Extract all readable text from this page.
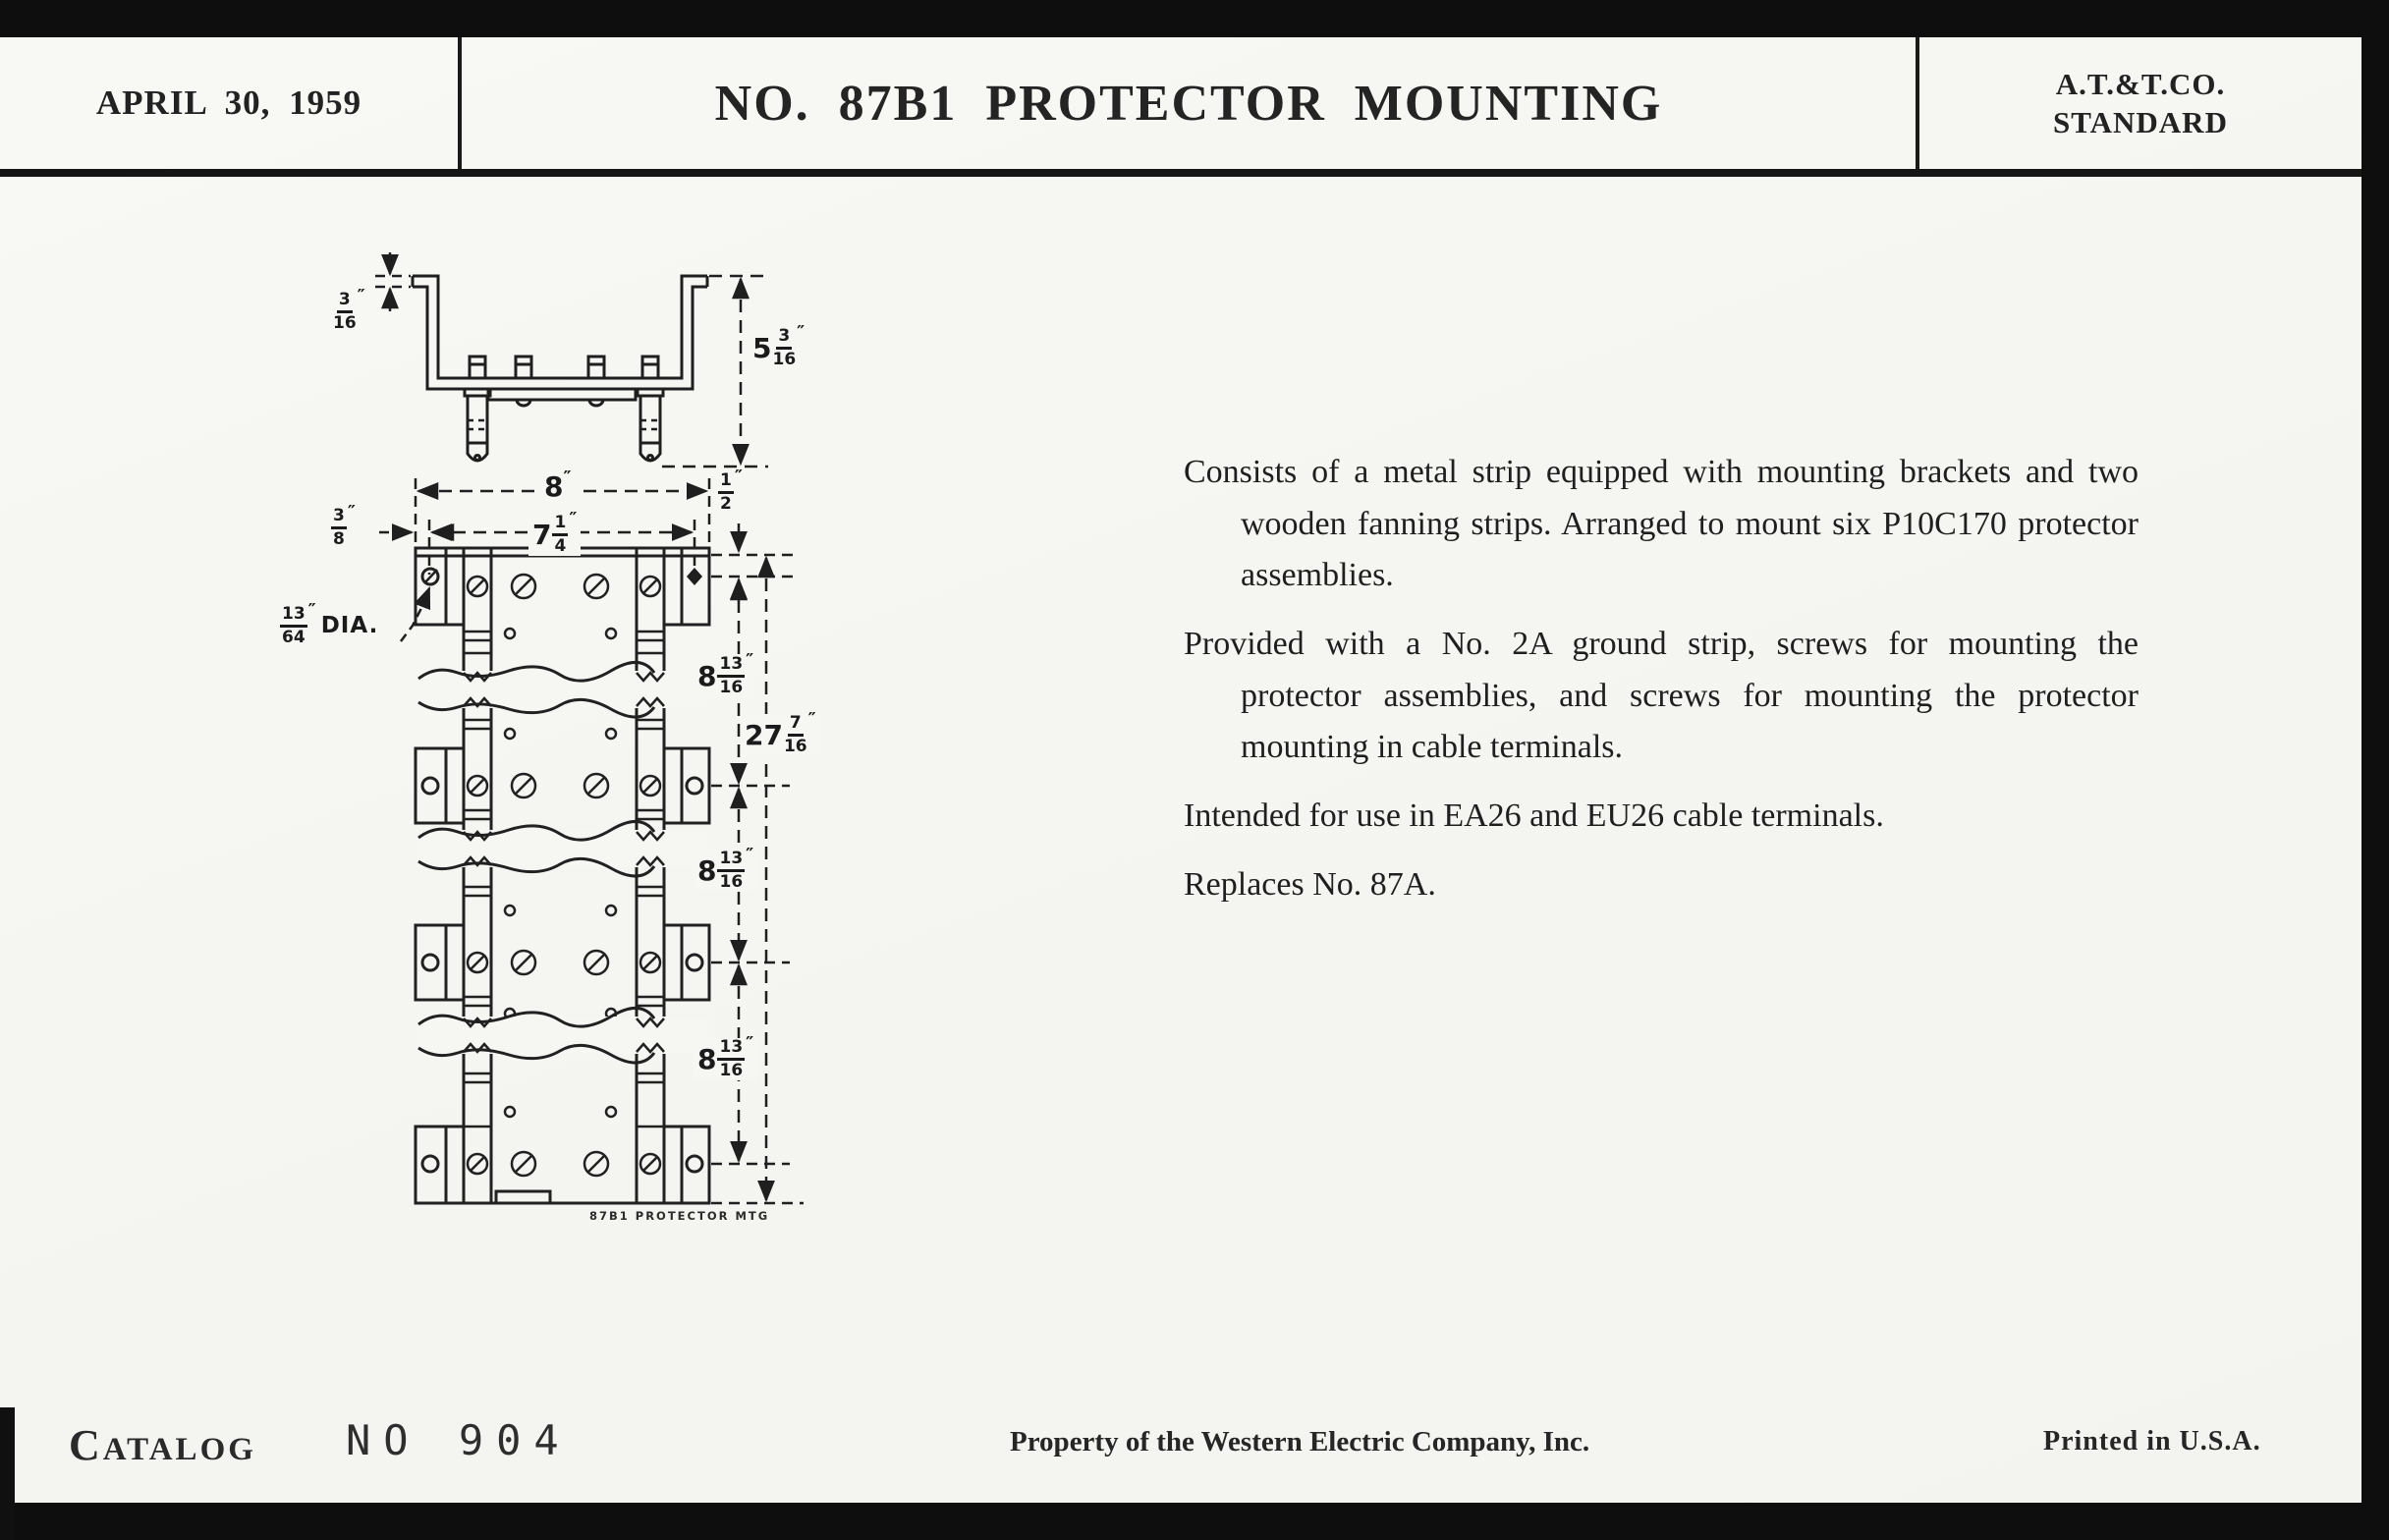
APRIL 30, 1959	NO. 87B1 PROTECTOR MOUNTING	A.T.&T.CO.
STANDARD
$\frac{3}{16}$ ″
$5 \frac{3}{16}$ ″
8 ″
$7 \frac{1}{4}$ ″
$\frac{3}{8}$ ″	$\frac{1}{2}$ ″
$\frac{13}{64}$ ″
DIA.
$8 \frac{13}{16}$ ″
$27 \frac{7}{16}$ ″
$8 \frac{13}{16}$ ″
$8 \frac{13}{16}$ ″
87B1 PROTECTOR MTG

Consists of a metal strip equipped with mounting brackets and two wooden fanning strips. Arranged to mount six P10C170 protector assemblies.

Provided with a No. 2A ground strip, screws for mounting the protector assemblies, and screws for mounting the protector mounting in cable terminals.

Intended for use in EA26 and EU26 cable terminals.

Replaces No. 87A.

CATALOG NO 904	Property of the Western Electric Company, Inc.	Printed in U.S.A.
